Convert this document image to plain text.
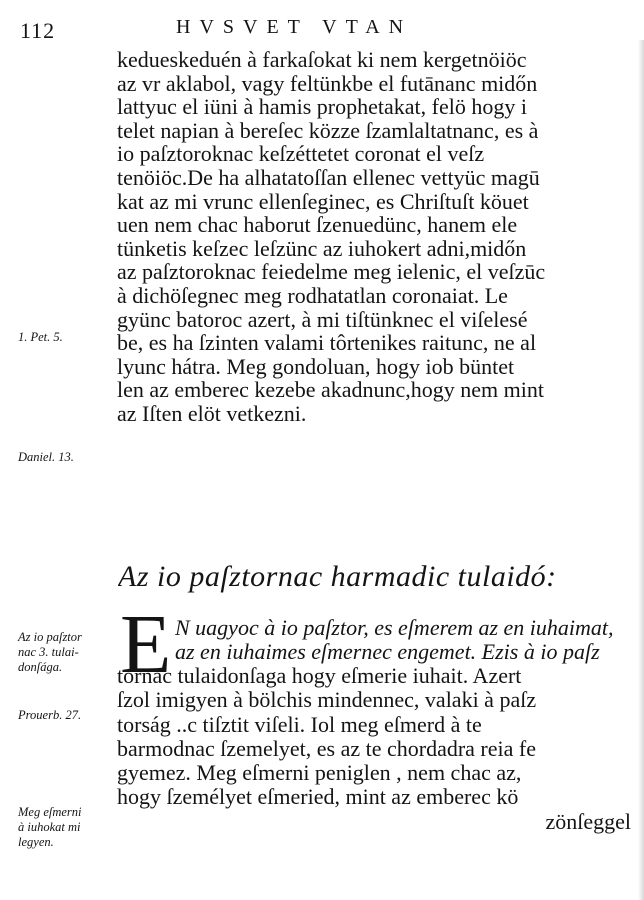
112	HVSVET VTAN
kedueskeduén à farkaſokat ki nem kergetnöiöc
az vr aklabol, vagy feltünkbe el futānanc midőn
lattyuc el iüni à hamis prophetakat, felö hogy i
telet napian à bereſec közze ſzamlaltatnanc, es à
io paſztoroknac keſzéttetet coronat el veſz
tenöiöc.De ha alhatatoſſan ellenec vettyüc magū
kat az mi vrunc ellenſeginec, es Chriſtuſt köuet
uen nem chac haborut ſzenuedünc, hanem ele
tünketis keſzec leſzünc az iuhokert adni,midőn
az paſztoroknac feiedelme meg ielenic, el veſzūc
à dichöſegnec meg rodhatatlan coronaiat. Le
gyünc batoroc azert, à mi tiſtünknec el viſelesé
be, es ha ſzinten valami tôrtenikes raitunc, ne al
lyunc hátra. Meg gondoluan, hogy iob büntet
len az emberec kezebe akadnunc,hogy nem mint
az Iſten elöt vetkezni.
Az io paſztornac harmadic tulaidó:
E N uagyoc à io paſztor, es eſmerem az en iuhaimat,
az en iuhaimes eſmernec engemet. Ezis à io paſz
tornac tulaidonſaga hogy eſmerie iuhait. Azert
ſzol imigyen à bölchis mindennec, valaki à paſz
torság ..c tiſztit viſeli. Iol meg eſmerd à te
barmodnac ſzemelyet, es az te chordadra reia fe
gyemez. Meg eſmerni peniglen , nem chac az,
hogy ſzemélyet eſmeried, mint az emberec kö
zönſeggel
1. Pet. 5.
Daniel. 13.
Az io paſztor
nac 3. tulai-
donſága.
Prouerb. 27.
Meg eſmerni
à iuhokat mi
legyen.
